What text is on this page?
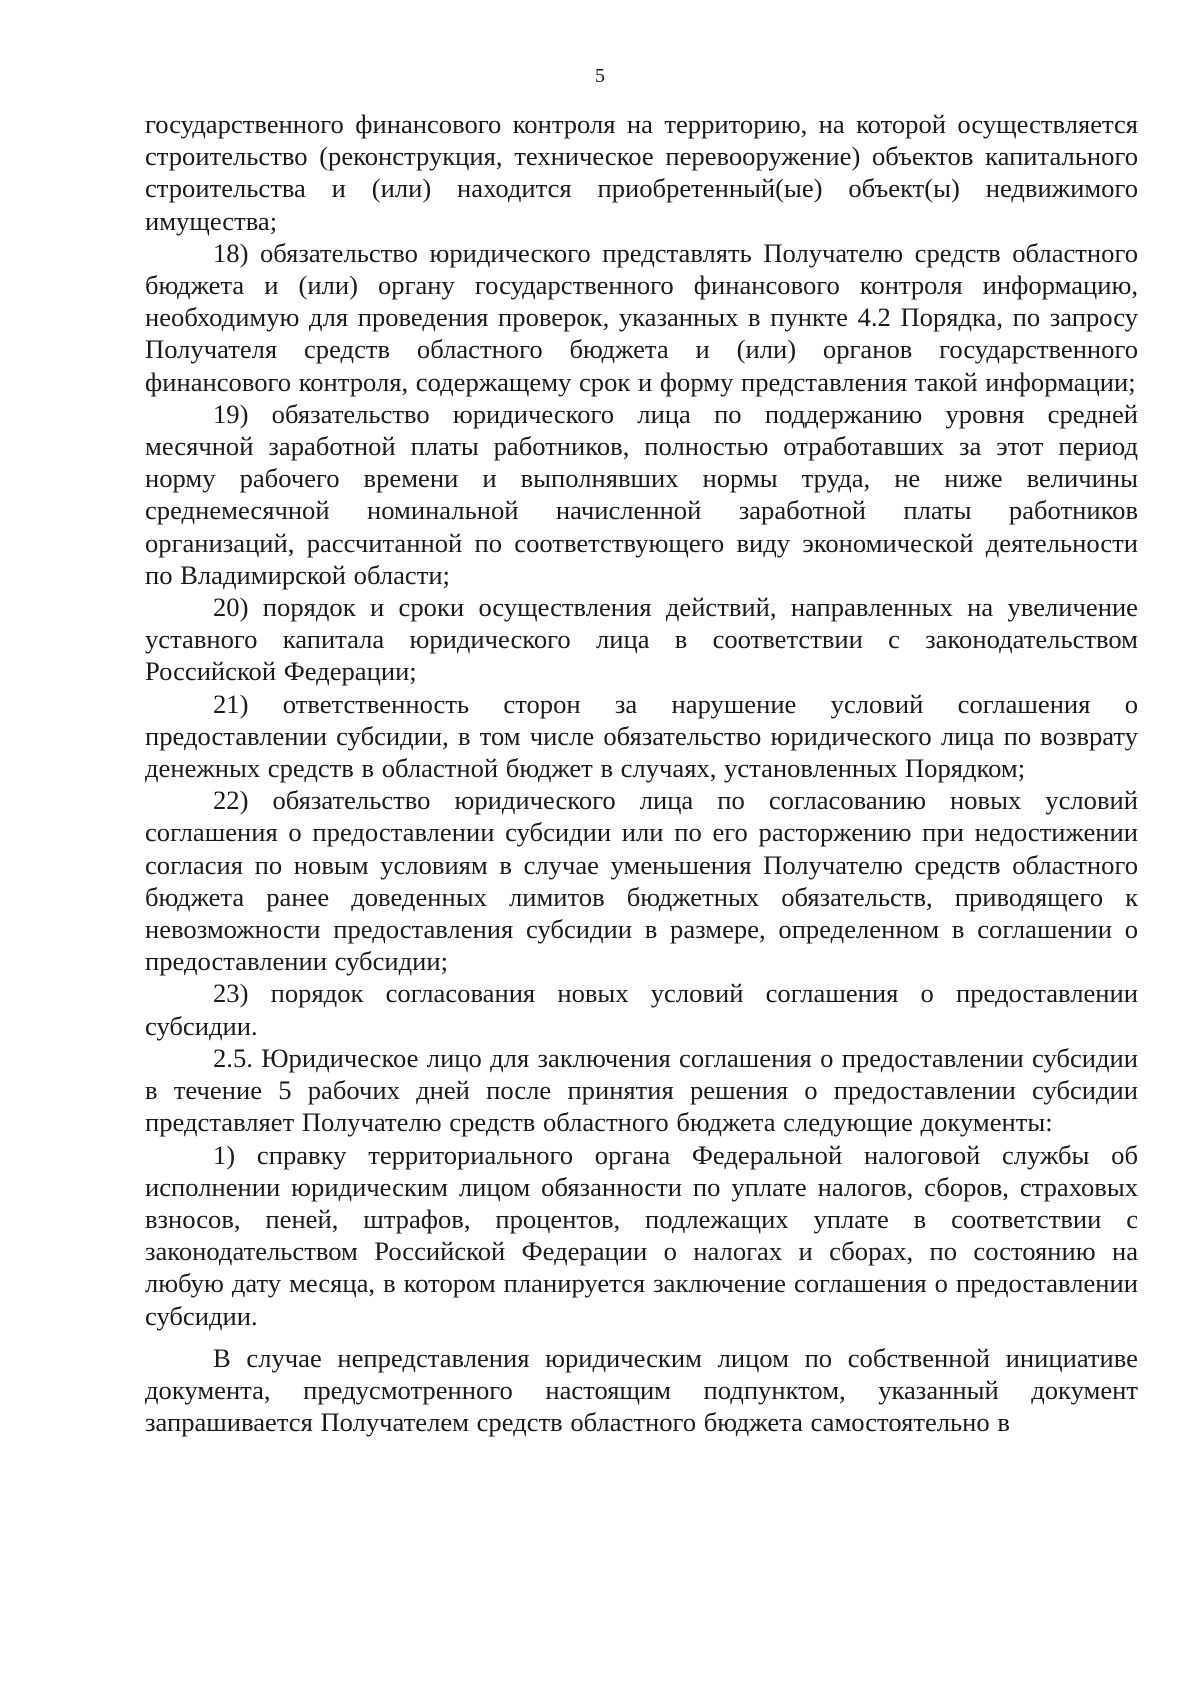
5

государственного финансового контроля на территорию, на которой осуществляется строительство (реконструкция, техническое перевооружение) объектов капитального строительства и (или) находится приобретенный(ые) объект(ы) недвижимого имущества;

18) обязательство юридического представлять Получателю средств областного бюджета и (или) органу государственного финансового контроля информацию, необходимую для проведения проверок, указанных в пункте 4.2 Порядка, по запросу Получателя средств областного бюджета и (или) органов государственного финансового контроля, содержащему срок и форму представления такой информации;

19) обязательство юридического лица по поддержанию уровня средней месячной заработной платы работников, полностью отработавших за этот период норму рабочего времени и выполнявших нормы труда, не ниже величины среднемесячной номинальной начисленной заработной платы работников организаций, рассчитанной по соответствующего виду экономической деятельности по Владимирской области;

20) порядок и сроки осуществления действий, направленных на увеличение уставного капитала юридического лица в соответствии с законодательством Российской Федерации;

21) ответственность сторон за нарушение условий соглашения о предоставлении субсидии, в том числе обязательство юридического лица по возврату денежных средств в областной бюджет в случаях, установленных Порядком;

22) обязательство юридического лица по согласованию новых условий соглашения о предоставлении субсидии или по его расторжению при недостижении согласия по новым условиям в случае уменьшения Получателю средств областного бюджета ранее доведенных лимитов бюджетных обязательств, приводящего к невозможности предоставления субсидии в размере, определенном в соглашении о предоставлении субсидии;

23) порядок согласования новых условий соглашения о предоставлении субсидии.

2.5. Юридическое лицо для заключения соглашения о предоставлении субсидии в течение 5 рабочих дней после принятия решения о предоставлении субсидии представляет Получателю средств областного бюджета следующие документы:

1) справку территориального органа Федеральной налоговой службы об исполнении юридическим лицом обязанности по уплате налогов, сборов, страховых взносов, пеней, штрафов, процентов, подлежащих уплате в соответствии с законодательством Российской Федерации о налогах и сборах, по состоянию на любую дату месяца, в котором планируется заключение соглашения о предоставлении субсидии.

В случае непредставления юридическим лицом по собственной инициативе документа, предусмотренного настоящим подпунктом, указанный документ запрашивается Получателем средств областного бюджета самостоятельно в
